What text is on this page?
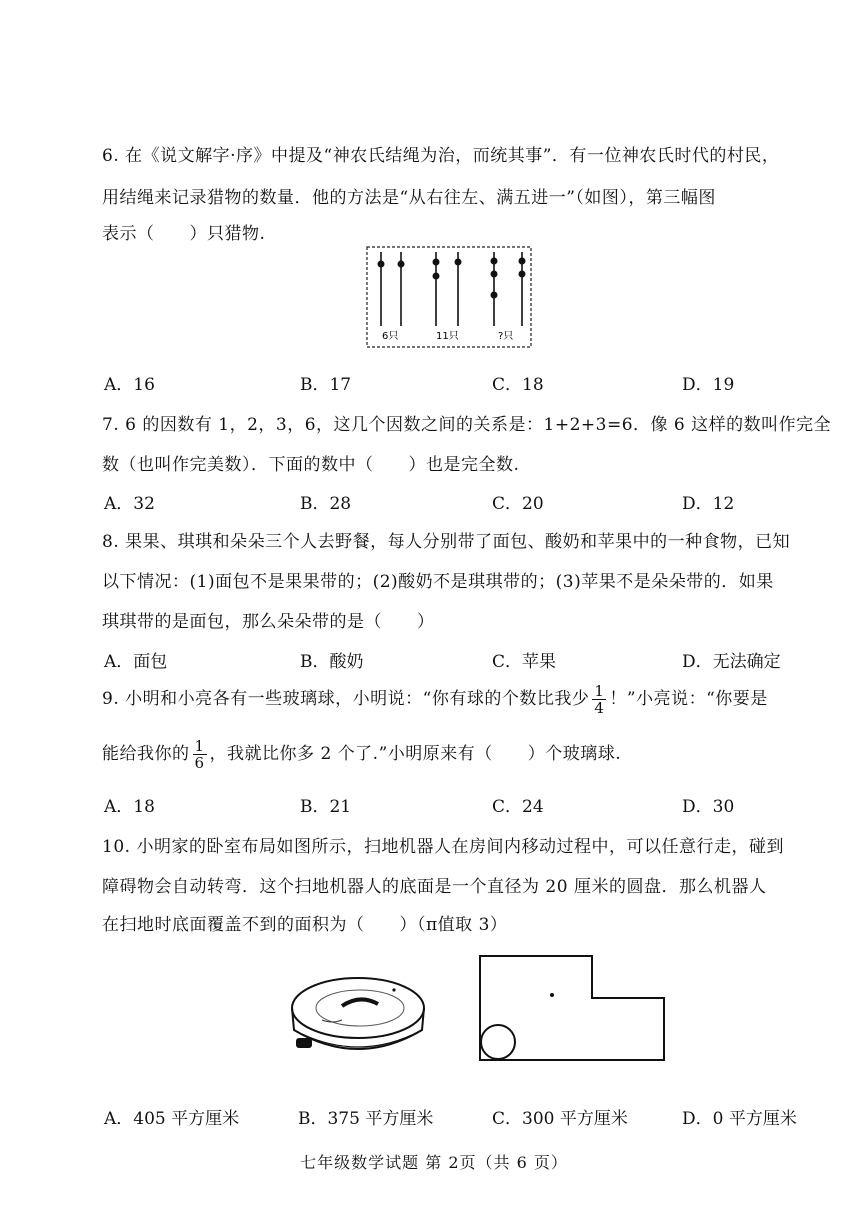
6. 在《说文解字·序》中提及“神农氏结绳为治，而统其事”．有一位神农氏时代的村民，
用结绳来记录猎物的数量．他的方法是“从右往左、满五进一”（如图），第三幅图
表示（　　）只猎物.
6只	11只	?只
A．16	B．17	C．18	D．19
7. 6 的因数有 1，2，3，6，这几个因数之间的关系是：1+2+3=6．像 6 这样的数叫作完全
数（也叫作完美数）．下面的数中（　　）也是完全数.
A．32	B．28	C．20	D．12
8. 果果、琪琪和朵朵三个人去野餐，每人分别带了面包、酸奶和苹果中的一种食物，已知
以下情况：(1)面包不是果果带的；(2)酸奶不是琪琪带的；(3)苹果不是朵朵带的．如果
琪琪带的是面包，那么朵朵带的是（　　）
A．面包	B．酸奶	C．苹果	D．无法确定
9. 小明和小亮各有一些玻璃球，小明说：“你有球的个数比我少 $\frac{1}{4}$ ！”小亮说：“你要是
能给我你的 $\frac{1}{6}$ ，我就比你多 2 个了.”小明原来有（　　）个玻璃球.
A．18	B．21	C．24	D．30
10. 小明家的卧室布局如图所示，扫地机器人在房间内移动过程中，可以任意行走，碰到
障碍物会自动转弯．这个扫地机器人的底面是一个直径为 20 厘米的圆盘．那么机器人
在扫地时底面覆盖不到的面积为（　　）（π值取 3）
A．405 平方厘米	B．375 平方厘米	C．300 平方厘米	D．0 平方厘米
七年级数学试题 第 2页（共 6 页）
